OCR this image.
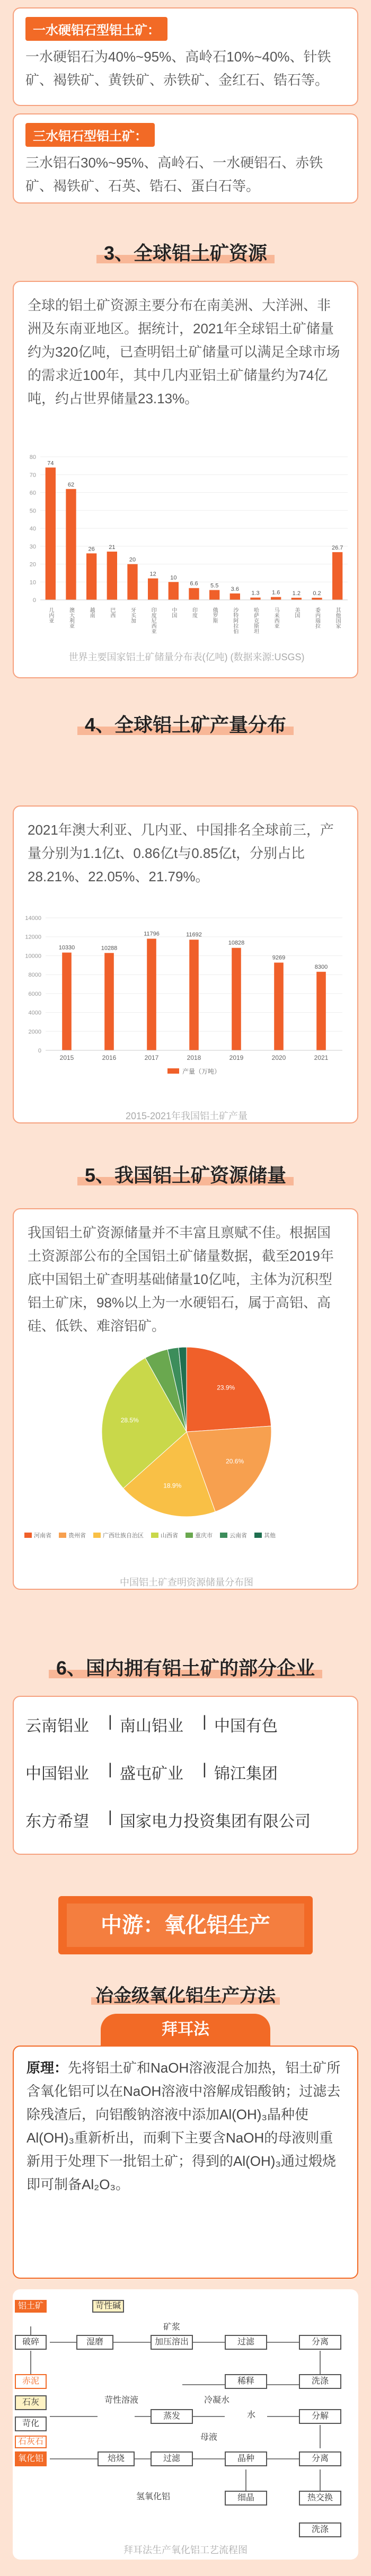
一水硬铝石型铝土矿：
一水硬铝石为40%~95%、高岭石10%~40%、针铁矿、褐铁矿、黄铁矿、赤铁矿、金红石、锆石等。
三水铝石型铝土矿：
三水铝石30%~95%、高岭石、一水硬铝石、赤铁矿、褐铁矿、石英、锆石、蛋白石等。
3、全球铝土矿资源
全球的铝土矿资源主要分布在南美洲、大洋洲、非洲及东南亚地区。据统计，2021年全球铝土矿储量约为320亿吨，已查明铝土矿储量可以满足全球市场的需求近100年，其中几内亚铝土矿储量约为74亿吨，约占世界储量23.13%。
0
10
20
30
40
50
60
70
80
74
几内亚
62
澳大利亚
26
越南
21
巴西
20
牙买加
12
印度尼西亚
10
中国
6.6
印度
5.5
俄罗斯
3.6
沙特阿拉伯
1.3
哈萨克斯坦
1.6
马来西亚
1.2
美国
0.2
委内瑞拉
26.7
其他国家
世界主要国家铝土矿储量分布表(亿吨) (数据来源:USGS)
4、全球铝土矿产量分布
2021年澳大利亚、几内亚、中国排名全球前三，产量分别为1.1亿t、0.86亿t与0.85亿t，分别占比28.21%、22.05%、21.79%。
0
2000
4000
6000
8000
10000
12000
14000
10330
2015
10288
2016
11796
2017
11692
2018
10828
2019
9269
2020
8300
2021
产量（万吨）
2015-2021年我国铝土矿产量
5、我国铝土矿资源储量
我国铝土矿资源储量并不丰富且禀赋不佳。根据国土资源部公布的全国铝土矿储量数据，截至2019年底中国铝土矿查明基础储量10亿吨，主体为沉积型铝土矿床，98%以上为一水硬铝石，属于高铝、高硅、低铁、难溶铝矿。
23.9%
20.6%
18.9%
28.5%
河南省	贵州省	广西壮族自治区	山西省	重庆市	云南省	其他
中国铝土矿查明资源储量分布图
6、国内拥有铝土矿的部分企业
云南铝业 | 南山铝业 | 中国有色
中国铝业 | 盛屯矿业 | 锦江集团
东方希望 | 国家电力投资集团有限公司
中游：氧化铝生产
冶金级氧化铝生产方法
拜耳法
原理：先将铝土矿和NaOH溶液混合加热，铝土矿所含氧化铝可以在NaOH溶液中溶解成铝酸钠；过滤去除残渣后，向铝酸钠溶液中添加Al(OH)₃晶种使Al(OH)₃重新析出，而剩下主要含NaOH的母液则重新用于处理下一批铝土矿；得到的Al(OH)₃通过煅烧即可制备Al₂O₃。
铝土矿	苛性碱
破碎	湿磨
矿浆
加压溶出	分离
洗涤
赤泥
石灰	苛性溶液
蒸发
冷凝水
水
苛化
分解
焙烧	过滤
氧化铝
石灰石
晶种
母液
细晶
氢氧化铝
分离
热交换
稀释
过滤
洗涤
拜耳法生产氧化铝工艺流程图
